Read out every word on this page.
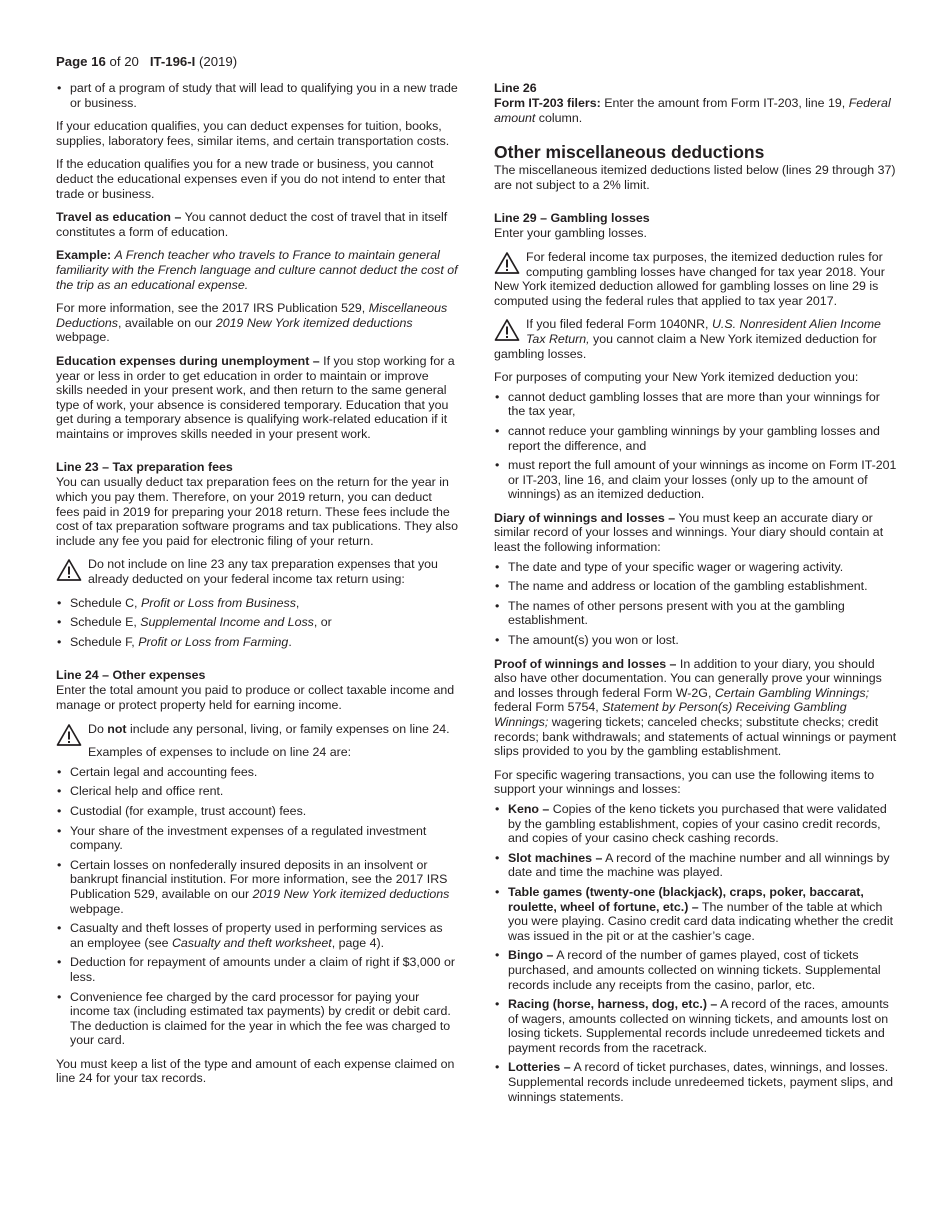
Page 16 of 20 IT-196-I (2019)
• part of a program of study that will lead to qualifying you in a new trade or business.

If your education qualifies, you can deduct expenses for tuition, books, supplies, laboratory fees, similar items, and certain transportation costs.

If the education qualifies you for a new trade or business, you cannot deduct the educational expenses even if you do not intend to enter that trade or business.

Travel as education – You cannot deduct the cost of travel that in itself constitutes a form of education.

Example: A French teacher who travels to France to maintain general familiarity with the French language and culture cannot deduct the cost of the trip as an educational expense.

For more information, see the 2017 IRS Publication 529, Miscellaneous Deductions, available on our 2019 New York itemized deductions webpage.

Education expenses during unemployment – If you stop working for a year or less in order to get education in order to maintain or improve skills needed in your present work, and then return to the same general type of work, your absence is considered temporary. Education that you get during a temporary absence is qualifying work-related education if it maintains or improves skills needed in your present work.

Line 23 – Tax preparation fees

You can usually deduct tax preparation fees on the return for the year in which you pay them. Therefore, on your 2019 return, you can deduct fees paid in 2019 for preparing your 2018 return. These fees include the cost of tax preparation software programs and tax publications. They also include any fee you paid for electronic filing of your return.

Do not include on line 23 any tax preparation expenses that you already deducted on your federal income tax return using:
• Schedule C, Profit or Loss from Business,
• Schedule E, Supplemental Income and Loss, or
• Schedule F, Profit or Loss from Farming.
Line 24 – Other expenses

Enter the total amount you paid to produce or collect taxable income and manage or protect property held for earning income.

Do not include any personal, living, or family expenses on line 24.

Examples of expenses to include on line 24 are:

• Certain legal and accounting fees.
• Clerical help and office rent.
• Custodial (for example, trust account) fees.
• Your share of the investment expenses of a regulated investment company.
• Certain losses on nonfederally insured deposits in an insolvent or bankrupt financial institution. For more information, see the 2017 IRS Publication 529, available on our 2019 New York itemized deductions webpage.
• Casualty and theft losses of property used in performing services as an employee (see Casualty and theft worksheet, page 4).
• Deduction for repayment of amounts under a claim of right if $3,000 or less.
• Convenience fee charged by the card processor for paying your income tax (including estimated tax payments) by credit or debit card. The deduction is claimed for the year in which the fee was charged to your card.

You must keep a list of the type and amount of each expense claimed on line 24 for your tax records.

Line 26

Form IT-203 filers: Enter the amount from Form IT-203, line 19, Federal amount column.

Other miscellaneous deductions

The miscellaneous itemized deductions listed below (lines 29 through 37) are not subject to a 2% limit.

Line 29 – Gambling losses

Enter your gambling losses.

For federal income tax purposes, the itemized deduction rules for computing gambling losses have changed for tax year 2018. Your New York itemized deduction allowed for gambling losses on line 29 is computed using the federal rules that applied to tax year 2017.
If you filed federal Form 1040NR, U.S. Nonresident Alien Income Tax Return, you cannot claim a New York itemized deduction for gambling losses.

For purposes of computing your New York itemized deduction you:

• cannot deduct gambling losses that are more than your winnings for the tax year,
• cannot reduce your gambling winnings by your gambling losses and report the difference, and
• must report the full amount of your winnings as income on Form IT-201 or IT-203, line 16, and claim your losses (only up to the amount of winnings) as an itemized deduction.

Diary of winnings and losses – You must keep an accurate diary or similar record of your losses and winnings. Your diary should contain at least the following information:

• The date and type of your specific wager or wagering activity.
• The name and address or location of the gambling establishment.
• The names of other persons present with you at the gambling establishment.
• The amount(s) you won or lost.

Proof of winnings and losses – In addition to your diary, you should also have other documentation. You can generally prove your winnings and losses through federal Form W-2G, Certain Gambling Winnings; federal Form 5754, Statement by Person(s) Receiving Gambling Winnings; wagering tickets; canceled checks; substitute checks; credit records; bank withdrawals; and statements of actual winnings or payment slips provided to you by the gambling establishment.

For specific wagering transactions, you can use the following items to support your winnings and losses:

• Keno – Copies of the keno tickets you purchased that were validated by the gambling establishment, copies of your casino credit records, and copies of your casino check cashing records.
• Slot machines – A record of the machine number and all winnings by date and time the machine was played.
• Table games (twenty-one (blackjack), craps, poker, baccarat, roulette, wheel of fortune, etc.) – The number of the table at which you were playing. Casino credit card data indicating whether the credit was issued in the pit or at the cashier’s cage.
• Bingo – A record of the number of games played, cost of tickets purchased, and amounts collected on winning tickets. Supplemental records include any receipts from the casino, parlor, etc.
• Racing (horse, harness, dog, etc.) – A record of the races, amounts of wagers, amounts collected on winning tickets, and amounts lost on losing tickets. Supplemental records include unredeemed tickets and payment records from the racetrack.
• Lotteries – A record of ticket purchases, dates, winnings, and losses. Supplemental records include unredeemed tickets, payment slips, and winnings statements.
